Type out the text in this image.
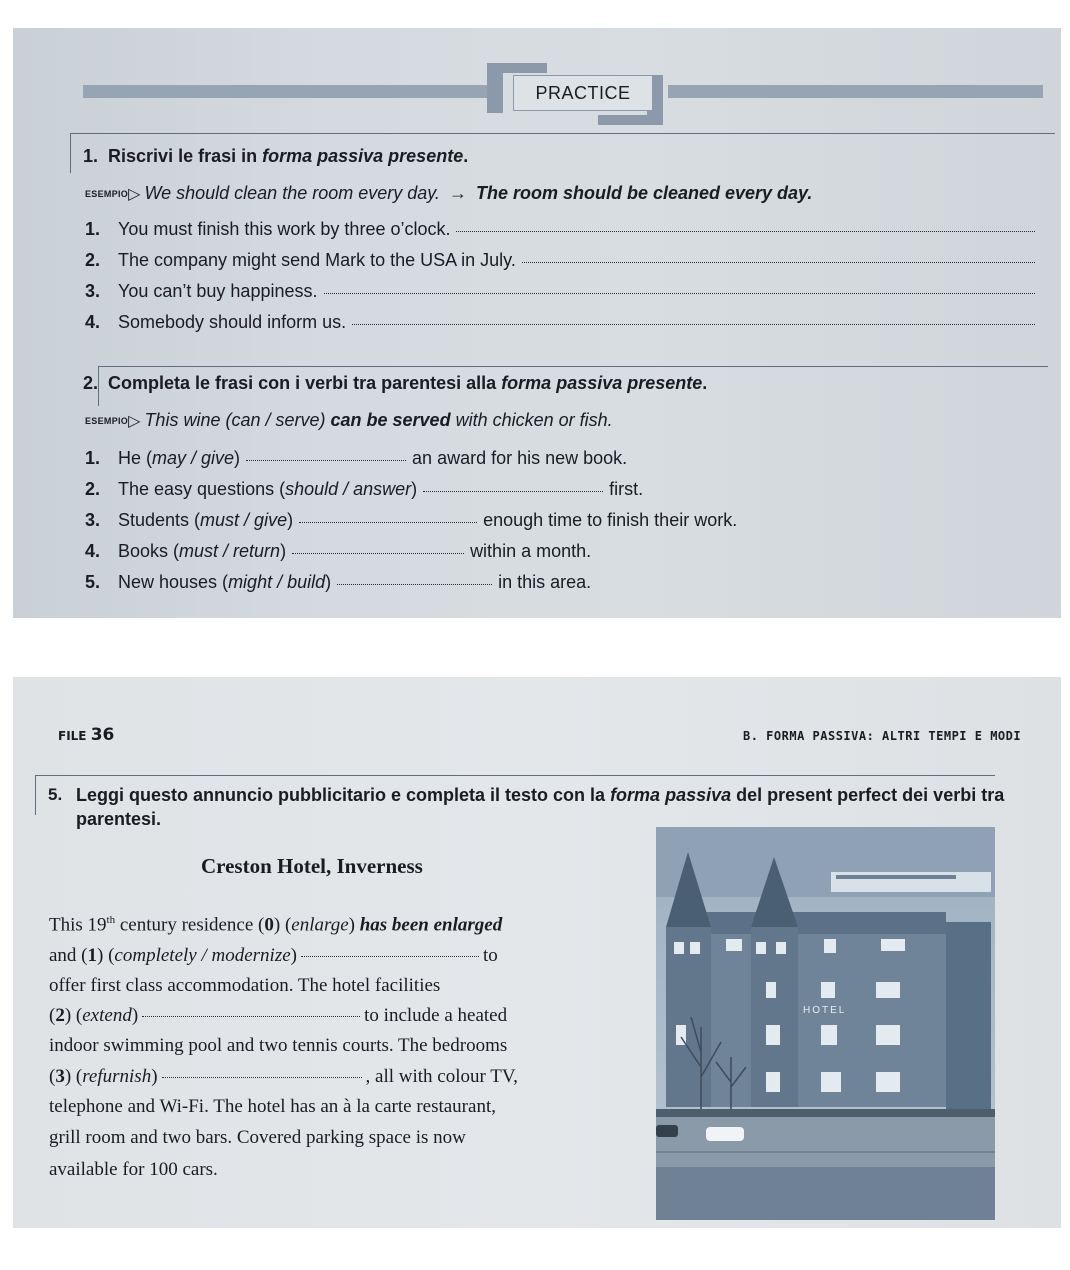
PRACTICE
1. Riscrivi le frasi in forma passiva presente.
ESEMPIO▷ We should clean the room every day. → The room should be cleaned every day.
1. You must finish this work by three o’clock.
2. The company might send Mark to the USA in July.
3. You can’t buy happiness.
4. Somebody should inform us.
2. Completa le frasi con i verbi tra parentesi alla forma passiva presente.
ESEMPIO▷ This wine (can / serve) can be served with chicken or fish.
1. He (may / give)	an award for his new book.
2. The easy questions (should / answer)	first.
3. Students (must / give)	enough time to finish their work.
4. Books (must / return)	within a month.
5. New houses (might / build)	in this area.
FILE 36	B. FORMA PASSIVA: ALTRI TEMPI E MODI
5. Leggi questo annuncio pubblicitario e completa il testo con la forma passiva del present perfect dei verbi tra parentesi.
Creston Hotel, Inverness
This 19th century residence (0) (enlarge) has been enlarged
and (1) (completely / modernize)	to
offer first class accommodation. The hotel facilities
(2) (extend)	to include a heated
indoor swimming pool and two tennis courts. The bedrooms
(3) (refurnish)	, all with colour TV,
telephone and Wi-Fi. The hotel has an à la carte restaurant,
grill room and two bars. Covered parking space is now
available for 100 cars.
HOTEL
